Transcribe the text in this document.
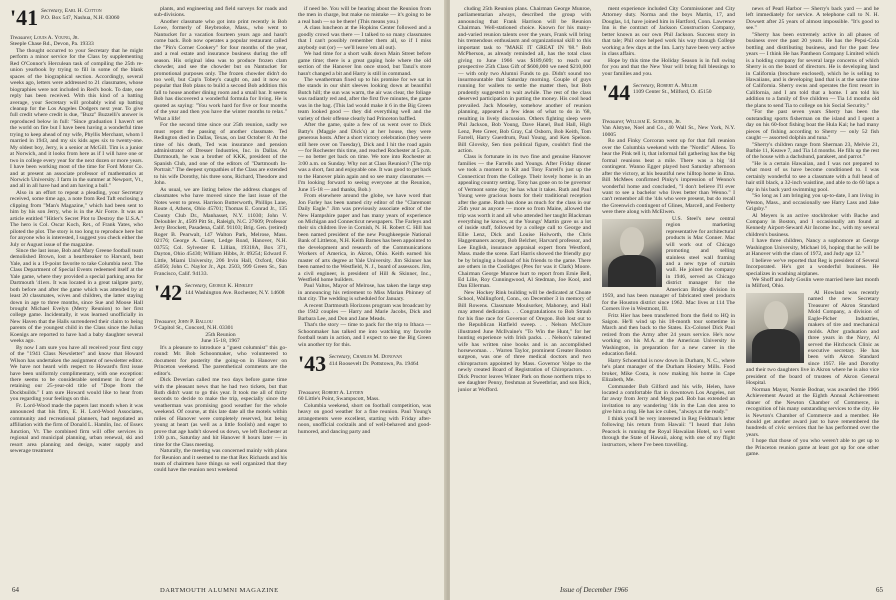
'41 Secretary, Earl H. Cotton
P.O. Box 547, Nashua, N.H. 03060

Treasurer, Louis A. Young, Jr.
Steeple Chase Rd., Devon, Pa. 19333

The thought occurred to your Secretary that he might perform a minor service for the Class by supplementing Red O'Connor's Herculean task of compiling the 25th re-union yearbook by trying to fill in some of the blank spaces of the biographical section. Accordingly, several weeks ago, letters were addressed to 21 classmates, whose biographies were not included in Red's book. To date, one reply has been received. With this kind of a batting average, your Secretary will probably wind up batting cleanup for the Los Angeles Dodgers next year. To give full credit where credit is due, "Buzz" Buzzelli's answer is reproduced below in full: "Since graduation I haven't set the world on fire but I have been having a wonderful time trying to keep ahead of my wife, Phyllis Merchant, whom I married in 1943, and my six kids ages six to twenty-one. My oldest boy, Jerry, is a senior at McGill. Tim is a junior at Norwich, and it looks from here as if I will have one or two in college every year for the next dozen or more years. I have been working most of the time for Ford Motor Co. and at present an associate professor of mathematics at Norwich University. I farm in the summer at Newport, Vt., and all in all have had and am having a ball."

Also in an effort to repeat a pleading, your Secretary received, some time ago, a note from Red Taft enclosing a clipping from "Man's Magazine," which had been sent to him by his son Jerry, who is in the Air Force. It was an article entitled "Hitler's Secret Plot to Destroy the U.S.A." The hero is Col. Oscar Koch, Ret., of Frank Yates, who piloted the plot. The story is too long to reproduce here but for anyone who is interested, I suggest you check either the July or August issue of the magazine.

Since the last issue, Bob and Mary Greene football team demolished Brown, lost a heartbreaker to Harvard, beat Yale, and is a 19-point favorite to take Columbia next. The Class Department of Special Events redeemed itself at the Yale game, where they provided a special parking area for Dartmouth '41ers. It was located in a great tailgate party, both before and after the game which was attended by at least 20 classmates, wives and children, the latter staying down in age to three months, since Sue and Moose Hall brought Michael Evelyn (Merry Reunion) to her first college game. Incidentally, it was learned unofficially in New Haven that the Halls surrendered their claim to being parents of the youngest child in the Class since the Julian Koenigs are reported to have had a baby daughter several weeks ago.

By now I am sure you have all received your first copy of the "1941 Class Newsletter" and know that Howard Wilson has undertaken the assignment of newsletter editor. We have not heard with respect to Howard's first issue have been uniformly complimentary, with one exception: there seems to be considerable sentiment in favor of retaining our 25-year-old title of "Dope from the Dockbuilds." I am sure Howard would like to hear from you regarding your feelings on this.

Fr. Lord-Wood made the papers last month when it was announced that his firm, E. H. Lord-Wood Associates, community and recreational planners, had negotiated an affiliation with the firm of Donald L. Hamlin, Inc. of Essex Junction, Vt. The combined firm will offer services in regional and municipal planning, urban renewal, ski and resort area planning and design, water supply and sewerage treatment

plants, and engineering and field surveys for roads and sub-divisions.

Another classmate who got into print recently is Bob Lowe, formerly of Reybrooke, Mass., who went to Nantucket for a vacation fourteen years ago and hasn't come back. Bob now operates a popular restaurant called the "Pin's Corner Cookery" for four months of the year, and a real estate and insurance business during the off season. His original idea was to produce frozen clam chowder, and see the chowder but on Nantucket for promotional purposes only. The frozen chowder didn't do too well, but Cap'n Tobey's caught on, and it now so popular that Bob plans to build a second Bob addition this fall to house another dining room and a small bar. It seems Bob has discovered a wonderful formula for living. He is quoted as saying: "You work hard for five or four months of the year and then you have the winter months to relax." What a life!

For the second time since our 25th reunion, sadly we must report the passing of another classmate. Ted Redington died in Dallas, Texas, on last October 8. At the time of his death, Ted was insurance and pension administrator of Dresser Industries, Inc. in Dallas. At Dartmouth, he was a brother of KKK, president of the Spanish Club, and one of the editors of "Dartmouth In-Portrait." The deepest sympathies of the Class are extended to his wife Dorothy, his three sons, Richard, Theodore and John.

As usual, we are listing below the address changes of classmates who have moved since the last issue of the Notes went to press. Harrison Butterworth, Phillips Lane, Route 4, Athens, Ohio 45701; Thomas E. Conrad Jr., 135 County Club Dr., Manhasset, N.Y. 11030; John V. Deloubler Jr., 4509 Pitt St., Raleigh, N.C. 27609; Professor Jerry Brockett, Pasadena, Calif. 91103; Brig. Gen. (retired) Roger B. Pearwalt, 147 Walton Park, Melrose, Mass. 02176; George A. Guest, Ledge Road, Hanover, N.H. 03755; Col. Sylvester E. Lillian, 19318A, Box 371, Dayton, Ohio 45430; William Hibbs, Jr. 09254; Edward F. Little, Miami University, 206 Irvin Hall, Oxford, Ohio 45056; John C. Naylor Jr., Apt. 2503, 999 Green St., San Francisco, Calif. 94133.

'42 Secretary, George K. Hinkley
144 Washington Ave. Rochester, N.Y. 14608

Treasurer, John P. Ballou
9 Capitol St., Concord, N.H. 03301

25th Reunion

June 15-18, 1967

It's a pleasure to introduce a "guest columnist" this go-round: Mr. Bob Schoonmaker, who volunteered to document for posterity the going-on in Hanover on Princeton weekend. The parenthetical comments are the editor's.

Dick Deverian called me two days before game time with the pleasant news that he had two tickets, but that Ruth didn't want to go this year. It took me all of thirty seconds to decide to make the trip, especially since the weatherman was promising good weather for the whole weekend. Of course, at this late date all the motels within miles of Hanover were completely reserved, but being young at heart (as well as a little foolish) and eager to prove that age hadn't slowed us down, we left Rochester at 1:00 p.m., Saturday and hit Hanover 8 hours later — in time for the Class meeting.

Naturally, the meeting was concerned mainly with plans for Reunion and it seemed to me that Rex Richards and his team of chairmen have things so well organized that they could have the reunion next weekend

if need be. You will be hearing about the Reunion from the men in charge, but make no mistake — it's going to be a real bash — so be there! (This means you.)

A class luncheon at the Hopkins Center followed and a goodly crowd was there — I talked to so many classmates that I can't possibly remember them all, so if I miss anybody out (or) — we'll leave 'em all out).

We had time for a short walk down Main Street before game time; there is a great gaping hole where the old section of the Hanover Inn once stood, but Tanzi's store hasn't changed a bit and Harry is still in command.

The weatherman fixed up to his promise for we sat in the stands in our shirt sleeves looking down at beautiful Butch hill; the sun was warm, the air was clear, the foliage was radiantly red and, after the first five minutes, the game was in the bag. (This lad would make it 6 in the Big Green team looked good — they did everything well and the variety of their offense clearly had Princeton baffled.

After the game, quite a few of us went over to Dick Batty's (Maggie and Dick's) at her house, they were generous hosts. After a short victory celebration (they were still here over on Tuesday), Dick and I hit the road again — for Rochester this time, and reached Rochester at 5 p.m. — no better get back on time. We tore into Rochester at 3:00 a.m. on Sunday. Why not at Class Reunion? (The trip was a short, fast and enjoyable one. It was good to get back to the Hanover plain again and so see many classmates — I'm looking forward to seeing everyone at the Reunion, June 15-18 — and thanks, Bob.)

From elsewhere around the globe, we have word that Jon Farley has been named city editor of the "Claremont Daily Eagle." Jim was previously associate editor of the New Hampshire paper and has many years of experience on Michigan and Connecticut newspapers. The Farleys and their six children live in Cornish, N. H. Robert C. Hill has been named president of the new Poughkeepsie National Bank of Littleton, N.H. Keith Barnes has been appointed to the development and research of the Communications Workers of America, in Akron, Ohio. Keith earned his master of arts degree at Yale University. Jim Skinner has been named to the Westfield, N. J., board of assessors. Jim, a civil engineer, is president of Hill & Skinner, Inc., Westfield home builders.

Paul Valtos, Mayor of Melrose, has taken the large step in announcing his retirement to Miss Marian Phinney of that city. The wedding is scheduled for January.

A recent Dartmouth Horizons program was broadcast by the 1942 couples — Harry and Marie Jacobs, Dick and Barbara Lee, and Don and Jane Meads.

That's the story — time to pack for the trip to Ithaca — Schoonmaker has talked me into watching my favorite football team in action, and I expect to see the Big Green win another try for this.

'43 Secretary, Charles M. Donovan
414 Roosevelt Dr. Pottstown, Pa. 19464

Treasurer, Robert A. Leyden
60 Little's Point, Swampscott, Mass.

Columbia weekend, short on football competition, was heavy on good weather for a fine reunion. Paul Young's arrangements were excellent, starting with Friday after-noon, unofficial cocktails and of well-behaved and good-humored, and dancing party and

64	DARTMOUTH ALUMNI MAGAZINE

cluding 25th Reunion plans. Chairman George Munroe, parliamentarian always, described the group with announcing that Frank Harrison will be Reunion Chairman. Well-stationed choice. Known for his many-and-varied reunion talents over the years, Frank will bring his tremendous enthusiasm and organizational skill to this important task to "MAKE IT GREAT IN '68." Bob McPherson, as already reminded all, has the total class giving to June 1966 was $189,609; to reach our prospective 25th Class Gift of $600,000 we need $210,000 — with only two Alumni Funds to go. Didn't sound too insurmountable that Saturday morning. Couple of guys running for wallets to settle the matter then, but Bob prudently suggested to wait awhile. The rest of the class deserved participation in putting the money. His cool head prevailed. Jack Moseley, somehow another of reunion planning, appeared a few ideas of what to do in '68, resulting in lively discussion. Others fighting sleep were Phil Jackson, Bob Young, Dave Hanel, Bud Hall, High Lenz, Pete Greer, Bob Gray, Cal Osborn, Bob Keith, Tom Farrell, Harry Guerdrum, Paul Young, and Ken Spelson. Bill Glovsky, Sen tion political figure, couldn't find the action.

Class is fortunate in its two fine and genuine Hanover families — the Farrells and Youngs. After Friday dinner we took a moment to Kit and Tony Farrell's just up the Connecticut from the College. Their lovely home is in an appealing country setting. Tony has gone on to be governor of Vermont some day; he has what it takes. Ruth and Paul Young were gracious hosts for their traditional reception after the game. Ruth has done as much for the class in our 25th year as anyone — more so from Maine, allowed the trip was worth it and all who attended her taught Blackman everything he knows; at the Youngs' Martin gave us a lot of inside stuff, followed by a college call to George and Ellie Lenz, Dick and Louise Holworth, the Chris Haggemaners accept, Bob Belcher, Harvard professor, and Lee English, insurance appraisal expert from Westford, Mass. made the scene. Earl Harris showed the friendly guy be by bringing a busload of his friends to the game. There are others in the Coolidges (Pres for was it Clark) Moore. Chairman George Munroe hurt to report from Ernie Bell, Ed Lilie, Roy Cunningwood, Al Stedman, Joe Kool, and Dan Ellerman.

New Hockey Rink building will be dedicated at Choate School, Wallingford, Conn., on December 3 in memory of Bill Rowens. Classmate Moulsorker, Mahoney, and Hall may attend dedication. . . Congratulations to Bob Straub for his fine race for Governor of Oregon. Bob lost out to the Republican Hatfield sweep. . . Nelson McClure illustrated June McIlvaine's "To Win the Hunt," for her hunting experience with Irish packs. . . Nelson's talented wife has written nine books and is an accomplished horsewoman. . . Warren Taylor, prominent Greater Boston surgeon, was one of three medical doctors and two chiropractors appointed by Mass. Governor Volpe to the newly created Board of Registration of Chiropractors. . . Dick Proctor leaves Winter Park on those northern trips to see daughter Penny, freshman at Sweetbriar, and son Rick, junior at Wofford.

ment experience included City Commissioner and City Attorney duty. Norma and the boys Martin, 17, and Douglas, 14, have joined him in Hartford, Conn. Lawrence Inn is the contract of Jackson Construction Company, better known as our own Phil Jackson. Success story in that tale; Phil once helped work his way through College working a few days at the Inn. Larry have been very active in class affairs.

Hope by this time the Holiday Season is in full swing for you and that the New Year will bring full blessings to your families and you.

'44 Secretary, Robert A. Miller
1109 Center St., Milford, O. 45150

Treasurer, William E. Sceeskis, Jr.
Van Alstyne, Noel and Co., 40 Wall St., New York, N.Y. 10005

Ro and Finky Corcoran went up for that fall reunion over the Columbia weekend with the "Nordic" Allens. To hear the Pink tell it, that informal fall gathering has the big formal reunions beat a mile. There was a big '44 contingent. Wanno Egger played host Saturday afternoon after the victory, at his beautiful new hilltop home in Etna. Bill McMees confirmed Pinky's impression of Wenno's wonderful home and concluded, "I don't believe I'll ever want to see a bachelor who lives better than Wenno." I can't remember all the '44s who were present, but do recall the Greenwich contingent of Glines, Marcell, and Fenberty were there along with McElwen.

U.S. Steel's new central region marketing representative for architectural products is Mac Conner. Mac will work out of Chicago promoting and selling stainless steel wall framing and a new type of curtain wall. He joined the company in 1946, served as Chicago district manager for the American Bridge division in 1959, and has been manager of fabricated steel products for the Houston district since 1962. Mac lives at 114 The Corners live in Westmont, Ill.

Fritz Hier has been transferred from the field to HQ in Saigon. He'll wind up his 18-month tour sometime in March and then back to the States. Ex-Colonel Dick Paul retired from the Army after 24 years service. He's now working on his M.A. at the American University in Washington, in preparation for a new career in the education field.

Harry Schoenthal is now down in Durham, N. C., where he's plant manager of the Durham Hosiery Mills. Food broker, Mike Costa, is now making his home in Cape Elizabeth, Me.

Commander Bob Gilford and his wife, Helen, have located a comfortable flat in downtown Los Angeles, not far away from Jerry and Megs pad. Bob has extended an invitation to any wandering '44s in the Lan don area to give him a ring. He has ice cubes, "always at the ready."

I think you'll be very interested in Reg Feldman's letter following his return from Hawaii: "I heard that John Peacock is running the Royal Hawaiian Hotel, so I went through the State of Hawaii, along with one of my flight instructors, where I've been travelling.

news of Pearl Harbor — Sherry's back yard — and he left immediately for service. A telephone call to N. H. Dowsett after 25 years of almost impossible. "It's good to see."

"Sherry has been extremely active in all phases of business over the past 20 years. He has the Pepsi-Cola bottling and distributing business, and for the past few years — I think He has Pantheon Company Limited which is a holding company for several large concerns of which Sherry is on the board of directors. He is developing land in California (brochure enclosed), which he is selling to Hawaiians, and is developing land that is at the same time of California. Sherry owns and operates the first resort in California, and I am told that a home. I am told his addition to a family of five children — Tia 14 months old the plans to send Tia to college on his Social Security."

"For the past seven years Sherry has been the outstanding sports fisherman on the island and I spent a day on his 60-foot fishing boat the Hula Kai; he had many pieces of fishing according to Sherry — only 52 fish caught — assorted dolphin and tuna."

"Sherry's children range from Sherman 23, Melvie 21, Barbie 11, Keawe 7, and Tia 14 months. He fills up the rest of the house with a dachshund, parakeet, and parrot."

"He is a certain Hawaiian, and I was not prepared to what most of us have become conditioned to. I was certainly wonderful to see a classmate with a full head of hair still black, a 32-inch waistline, and able to do 60 laps a day in his back yard swimming pool.

"So long as I am bringing you up-to-date, I am living in Weston, Mass., and occasionally see Harry Lass and Jake Grigsby."

Al Meyers is an active stockbroker with Bache and Company in Boston, and I occasionally am found at Kennedy Airport-Seward Air Income Inc., with my several children's business.

I have three children, Nancy a sophomore at George Washington University, Michael 16, hoping that he will be at Hanover with the class of 1972, and Judy age 12."

I believe we've reported that Reg is president of Several Incorporated. He's got a wonderful business. He specializes in washing airplanes.

We Shoff and Judy Goslin were married here last month in Milford, Ohio.

Al Howland was recently named the new Secretary Treasurer of Akron Standard Mold Company, a division of Eagle-Picher Industries, makers of tire and mechanical molds. After graduation and three years in the Navy, Al served the Hitchcock Clinic as executive secretary. He has been with Akron Standard since 1957. He and Dorothy and their two daughters live in Akron where he is also vice president of the board of trustees of Akron General Hospital.

Norman Mayor, Nomie Bodnar, was awarded the 1966 Achievement Award at the Eighth Annual Achievement dinner of the Newton Chamber of Commerce, in recognition of his many outstanding services to the city. He is Newton's Chamber of Commerce and a member. He should get another award just to have remembered the hundreds of civic services that he has performed over the years.

I hope that those of you who weren't able to get up to the Princeton reunion game at least got up for one other game.

Issue of December 1966	65
